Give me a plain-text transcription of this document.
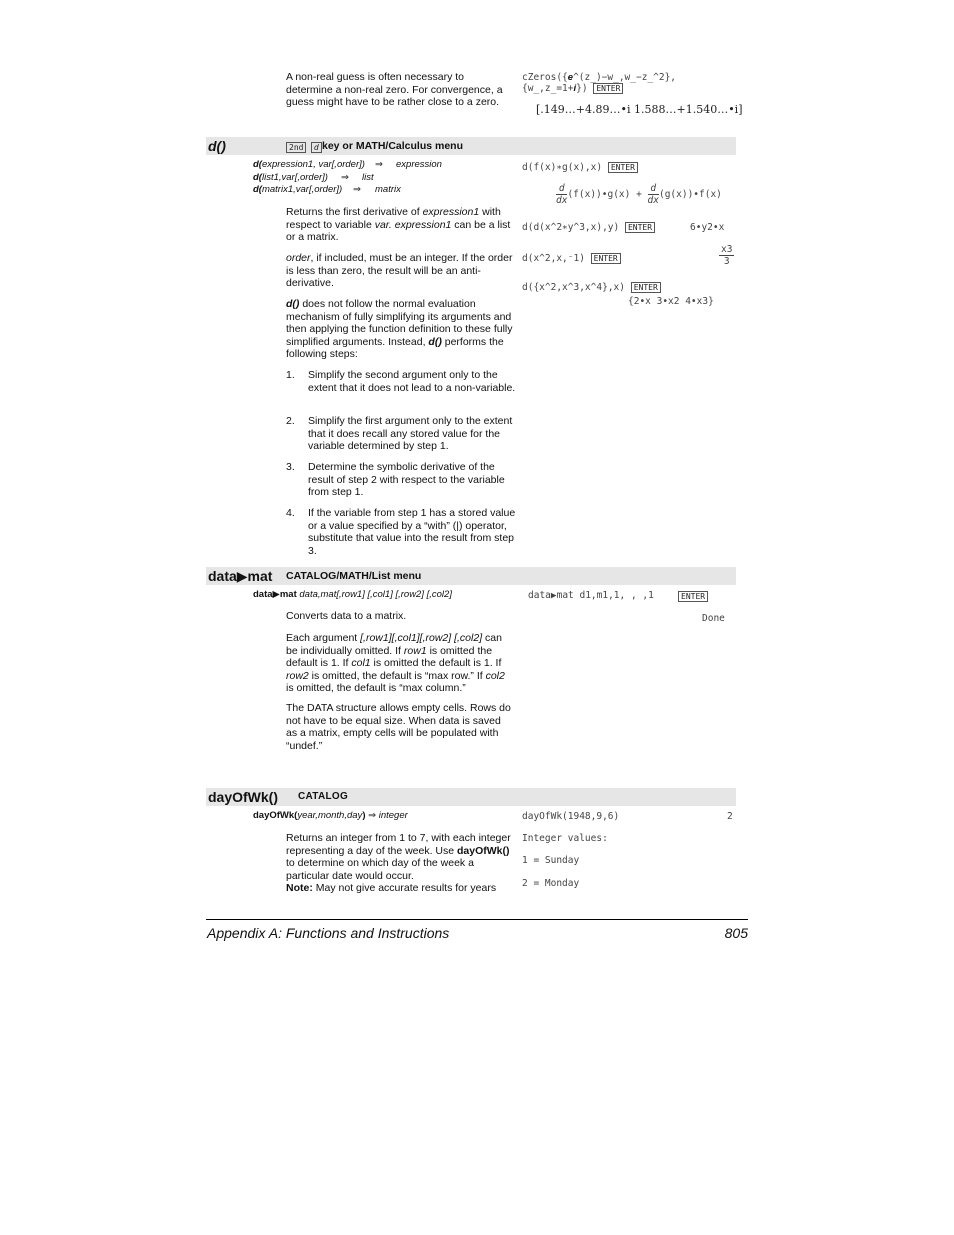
A non-real guess is often necessary to determine a non-real zero. For convergence, a guess might have to be rather close to a zero.
cZeros({e^(z_)−w_,w_−z_^2},
{w_,z_=1+i}) ENTER
[.149…+4.89…•i 1.588…+1.540…•i]
d()	2nd d key or MATH/Calculus menu
d(expression1, var[,order]) ⇒ expression
d(list1,var[,order]) ⇒ list
d(matrix1,var[,order]) ⇒ matrix
Returns the first derivative of expression1 with respect to variable var. expression1 can be a list or a matrix.
order, if included, must be an integer. If the order is less than zero, the result will be an anti-derivative.
d() does not follow the normal evaluation mechanism of fully simplifying its arguments and then applying the function definition to these fully simplified arguments. Instead, d() performs the following steps:
1. Simplify the second argument only to the extent that it does not lead to a non-variable.
2. Simplify the first argument only to the extent that it does recall any stored value for the variable determined by step 1.
3. Determine the symbolic derivative of the result of step 2 with respect to the variable from step 1.
4. If the variable from step 1 has a stored value or a value specified by a “with” (|) operator, substitute that value into the result from step 3.
d(f(x)∗g(x),x) ENTER
$\frac{d}{dx}$ (f(x))•g(x) + $\frac{d}{dx}$ (g(x))•f(x)
d(d(x^2∗y^3,x),y) ENTER	6•y2•x
d(x^2,x,⁻1) ENTER	$\frac{x3}{3}$
d({x^2,x^3,x^4},x) ENTER
{2•x 3•x2 4•x3}
data▶mat CATALOG/MATH/List menu
data▶mat data,mat[,row1] [,col1] [,row2] [,col2]	data▶mat d1,m1,1, , ,1	ENTER
Done
Converts data to a matrix.
Each argument [,row1][,col1][,row2] [,col2] can be individually omitted. If row1 is omitted the default is 1. If col1 is omitted the default is 1. If row2 is omitted, the default is “max row.” If col2 is omitted, the default is “max column.”
The DATA structure allows empty cells. Rows do not have to be equal size. When data is saved as a matrix, empty cells will be populated with “undef.”
dayOfWk() CATALOG
dayOfWk(year,month,day) ⇒ integer
Returns an integer from 1 to 7, with each integer representing a day of the week. Use dayOfWk() to determine on which day of the week a particular date would occur.
Note: May not give accurate results for years
dayOfWk(1948,9,6)	2
Integer values:
1 = Sunday
2 = Monday
Appendix A: Functions and Instructions	805
